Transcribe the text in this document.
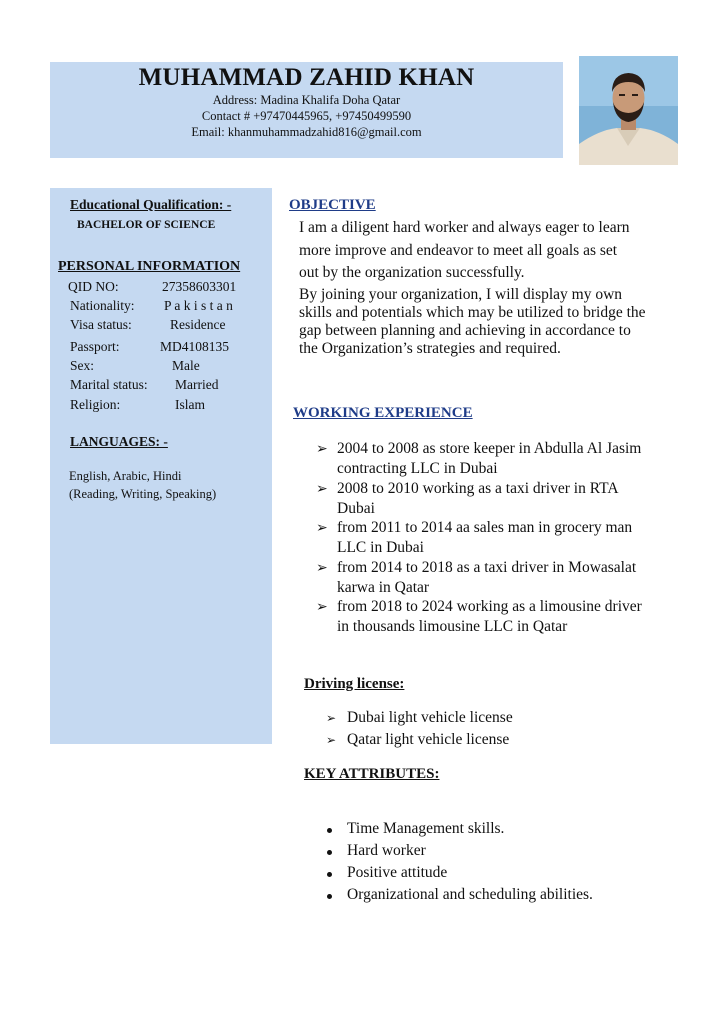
MUHAMMAD ZAHID KHAN
Address: Madina Khalifa Doha Qatar
Contact # +97470445965, +97450499590
Email: khanmuhammadzahid816@gmail.com
Educational Qualification: -
BACHELOR OF SCIENCE
PERSONAL INFORMATION
QID NO:	27358603301
Nationality: P a k i s t a n
Visa status:	Residence
Passport:	MD4108135
Sex:	Male
Marital status: Married
Religion:	Islam
LANGUAGES: -
English, Arabic, Hindi
(Reading, Writing, Speaking)
OBJECTIVE
I am a diligent hard worker and always eager to learn
more improve and endeavor to meet all goals as set
out by the organization successfully.
By joining your organization, I will display my own
skills and potentials which may be utilized to bridge the
gap between planning and achieving in accordance to
the Organization’s strategies and required.
WORKING EXPERIENCE
➢ 2004 to 2008 as store keeper in Abdulla Al Jasim
contracting LLC in Dubai
➢ 2008 to 2010 working as a taxi driver in RTA
Dubai
➢ from 2011 to 2014 aa sales man in grocery man
LLC in Dubai
➢ from 2014 to 2018 as a taxi driver in Mowasalat
karwa in Qatar
➢ from 2018 to 2024 working as a limousine driver
in thousands limousine LLC in Qatar
Driving license:
➢ Dubai light vehicle license
➢ Qatar light vehicle license
KEY ATTRIBUTES:
Time Management skills.
Hard worker
Positive attitude
Organizational and scheduling abilities.
